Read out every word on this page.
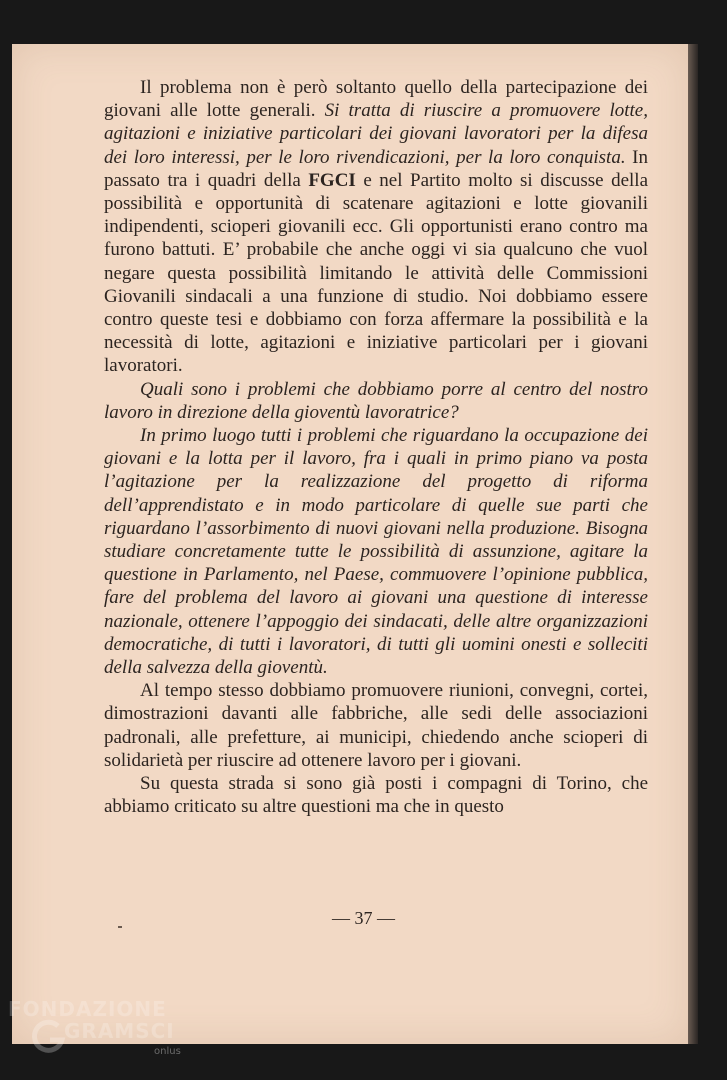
Il problema non è però soltanto quello della partecipazione dei giovani alle lotte generali. Si tratta di riuscire a promuovere lotte, agitazioni e iniziative particolari dei giovani lavoratori per la difesa dei loro interessi, per le loro rivendicazioni, per la loro conquista. In passato tra i quadri della FGCI e nel Partito molto si discusse della possibilità e opportunità di scatenare agitazioni e lotte giovanili indipendenti, scioperi giovanili ecc. Gli opportunisti erano contro ma furono battuti. E’ probabile che anche oggi vi sia qualcuno che vuol negare questa possibilità limitando le attività delle Commissioni Giovanili sindacali a una funzione di studio. Noi dobbiamo essere contro queste tesi e dobbiamo con forza affermare la possibilità e la necessità di lotte, agitazioni e iniziative particolari per i giovani lavoratori.

Quali sono i problemi che dobbiamo porre al centro del nostro lavoro in direzione della gioventù lavoratrice?

In primo luogo tutti i problemi che riguardano la occupazione dei giovani e la lotta per il lavoro, fra i quali in primo piano va posta l’agitazione per la realizzazione del progetto di riforma dell’apprendistato e in modo particolare di quelle sue parti che riguardano l’assorbimento di nuovi giovani nella produzione. Bisogna studiare concretamente tutte le possibilità di assunzione, agitare la questione in Parlamento, nel Paese, commuovere l’opinione pubblica, fare del problema del lavoro ai giovani una questione di interesse nazionale, ottenere l’appoggio dei sindacati, delle altre organizzazioni democratiche, di tutti i lavoratori, di tutti gli uomini onesti e solleciti della salvezza della gioventù.

Al tempo stesso dobbiamo promuovere riunioni, convegni, cortei, dimostrazioni davanti alle fabbriche, alle sedi delle associazioni padronali, alle prefetture, ai municipi, chiedendo anche scioperi di solidarietà per riuscire ad ottenere lavoro per i giovani.

Su questa strada si sono già posti i compagni di Torino, che abbiamo criticato su altre questioni ma che in questo

— 37 —
FONDAZIONE
GRAMSCI
onlus
